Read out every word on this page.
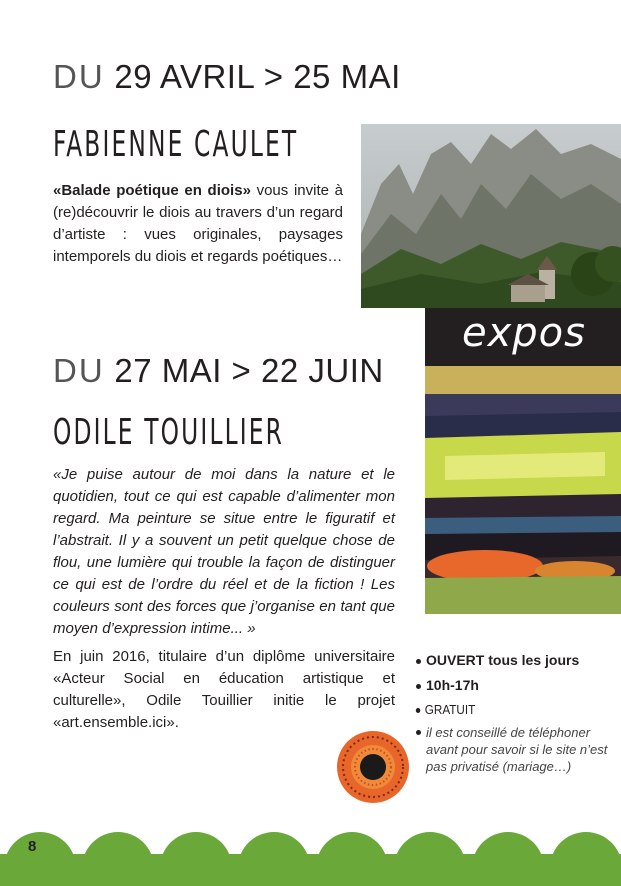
DU 29 AVRIL > 25 MAI
FABIENNE CAULET
«Balade poétique en diois» vous invite à (re)découvrir le diois au travers d’un regard d’artiste : vues originales, paysages intemporels du diois et regards poétiques…
expos
DU 27 MAI > 22 JUIN
ODILE TOUILLIER
«Je puise autour de moi dans la nature et le quotidien, tout ce qui est capable d’alimenter mon regard. Ma peinture se situe entre le figuratif et l’abstrait. Il y a souvent un petit quelque chose de flou, une lumière qui trouble la façon de distinguer ce qui est de l’ordre du réel et de la fiction ! Les couleurs sont des forces que j’organise en tant que moyen d’expression intime... »
En juin 2016, titulaire d’un diplôme universitaire «Acteur Social en éducation artistique et culturelle», Odile Touillier initie le projet «art.ensemble.ici».
OUVERT tous les jours
10h-17h
GRATUIT
il est conseillé de téléphoner avant pour savoir si le site n’est pas privatisé (mariage…)
8
